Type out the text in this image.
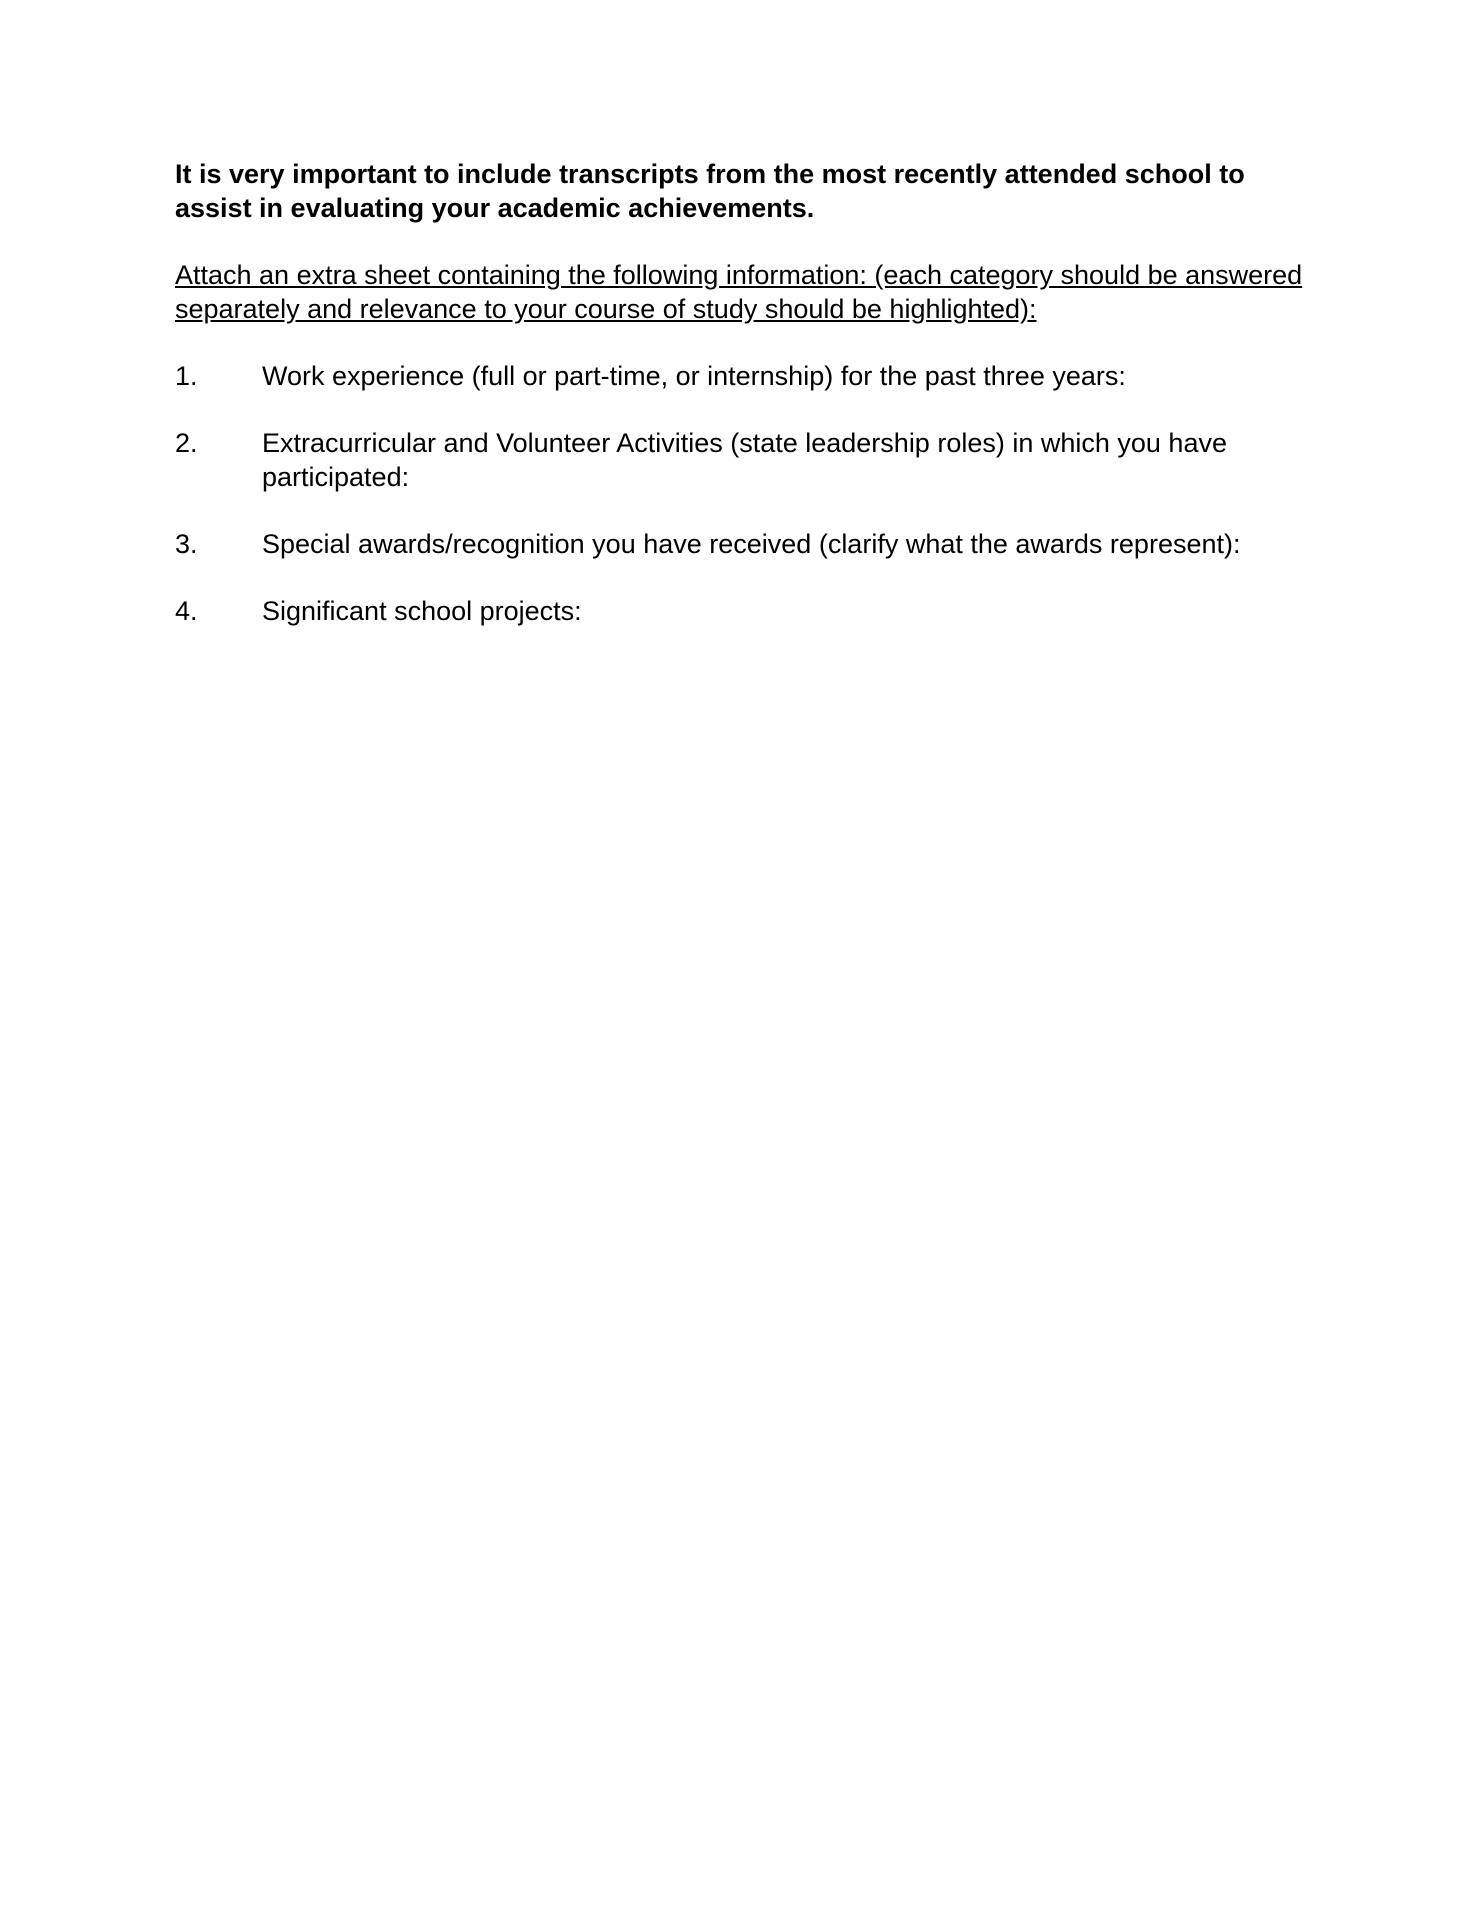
It is very important to include transcripts from the most recently attended school to assist in evaluating your academic achievements.

Attach an extra sheet containing the following information: (each category should be answered separately and relevance to your course of study should be highlighted):

1.	Work experience (full or part-time, or internship) for the past three years:
2.	Extracurricular and Volunteer Activities (state leadership roles) in which you have participated:
3.	Special awards/recognition you have received (clarify what the awards represent):
4.	Significant school projects:
